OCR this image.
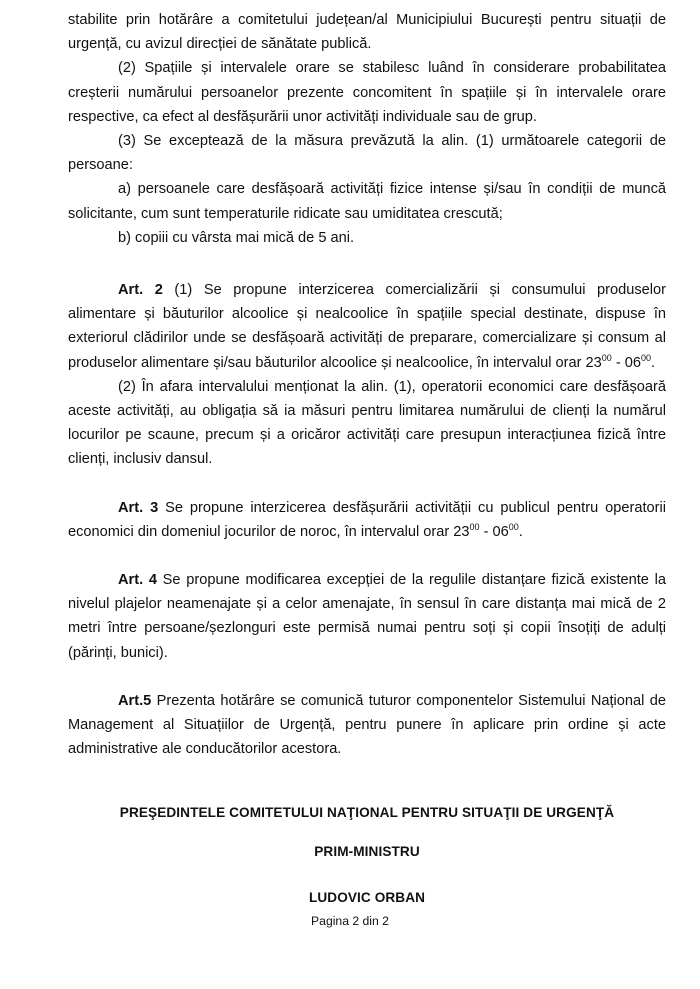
stabilite prin hotărâre a comitetului județean/al Municipiului București pentru situații de urgență, cu avizul direcției de sănătate publică.

(2) Spațiile și intervalele orare se stabilesc luând în considerare probabilitatea creșterii numărului persoanelor prezente concomitent în spațiile și în intervalele orare respective, ca efect al desfășurării unor activități individuale sau de grup.

(3) Se exceptează de la măsura prevăzută la alin. (1) următoarele categorii de persoane:

a) persoanele care desfășoară activități fizice intense și/sau în condiții de muncă solicitante, cum sunt temperaturile ridicate sau umiditatea crescută;

b) copiii cu vârsta mai mică de 5 ani.

Art. 2 (1) Se propune interzicerea comercializării și consumului produselor alimentare și băuturilor alcoolice și nealcoolice în spațiile special destinate, dispuse în exteriorul clădirilor unde se desfășoară activități de preparare, comercializare și consum al produselor alimentare și/sau băuturilor alcoolice și nealcoolice, în intervalul orar $23^{00} - 06^{00}$.

(2) În afara intervalului menționat la alin. (1), operatorii economici care desfășoară aceste activități, au obligația să ia măsuri pentru limitarea numărului de clienți la numărul locurilor pe scaune, precum și a oricăror activități care presupun interacțiunea fizică între clienți, inclusiv dansul.

Art. 3 Se propune interzicerea desfășurării activității cu publicul pentru operatorii economici din domeniul jocurilor de noroc, în intervalul orar $23^{00} - 06^{00}$.

Art. 4 Se propune modificarea excepției de la regulile distanțare fizică existente la nivelul plajelor neamenajate și a celor amenajate, în sensul în care distanța mai mică de 2 metri între persoane/șezlonguri este permisă numai pentru soți și copii însoțiți de adulți (părinți, bunici).

Art.5 Prezenta hotărâre se comunică tuturor componentelor Sistemului Național de Management al Situațiilor de Urgență, pentru punere în aplicare prin ordine și acte administrative ale conducătorilor acestora.

PREŞEDINTELE COMITETULUI NAŢIONAL PENTRU SITUAŢII DE URGENŢĂ

PRIM-MINISTRU

LUDOVIC ORBAN

Pagina 2 din 2
